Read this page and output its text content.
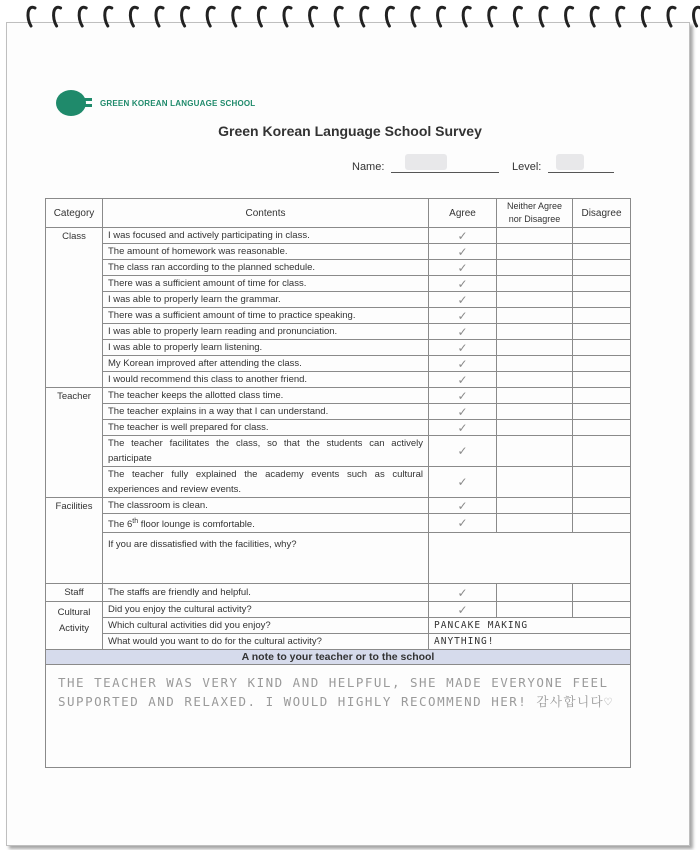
GREEN KOREAN LANGUAGE SCHOOL
Green Korean Language School Survey
Name:	Level:
Category	Contents	Agree	Neither Agree nor Disagree	Disagree
Class	I was focused and actively participating in class.	✓		
	The amount of homework was reasonable.	✓		
	The class ran according to the planned schedule.	✓		
	There was a sufficient amount of time for class.	✓		
	I was able to properly learn the grammar.	✓		
	There was a sufficient amount of time to practice speaking.	✓		
	I was able to properly learn reading and pronunciation.	✓		
	I was able to properly learn listening.	✓		
	My Korean improved after attending the class.	✓		
	I would recommend this class to another friend.	✓		
Teacher	The teacher keeps the allotted class time.	✓		
	The teacher explains in a way that I can understand.	✓		
	The teacher is well prepared for class.	✓		
	The teacher facilitates the class, so that the students can actively participate	✓		
	The teacher fully explained the academy events such as cultural experiences and review events.	✓		
Facilities	The classroom is clean.	✓		
	The 6th floor lounge is comfortable.	✓		
	If you are dissatisfied with the facilities, why?			
Staff	The staffs are friendly and helpful.	✓		
Cultural Activity	Did you enjoy the cultural activity?	✓		
	Which cultural activities did you enjoy?	PANCAKE MAKING		
	What would you want to do for the cultural activity?	ANYTHING!		
A note to your teacher or to the school				

THE TEACHER WAS VERY KIND AND HELPFUL, SHE MADE EVERYONE FEEL SUPPORTED AND RELAXED. I WOULD HIGHLY RECOMMEND HER! 감사합니다♡				
